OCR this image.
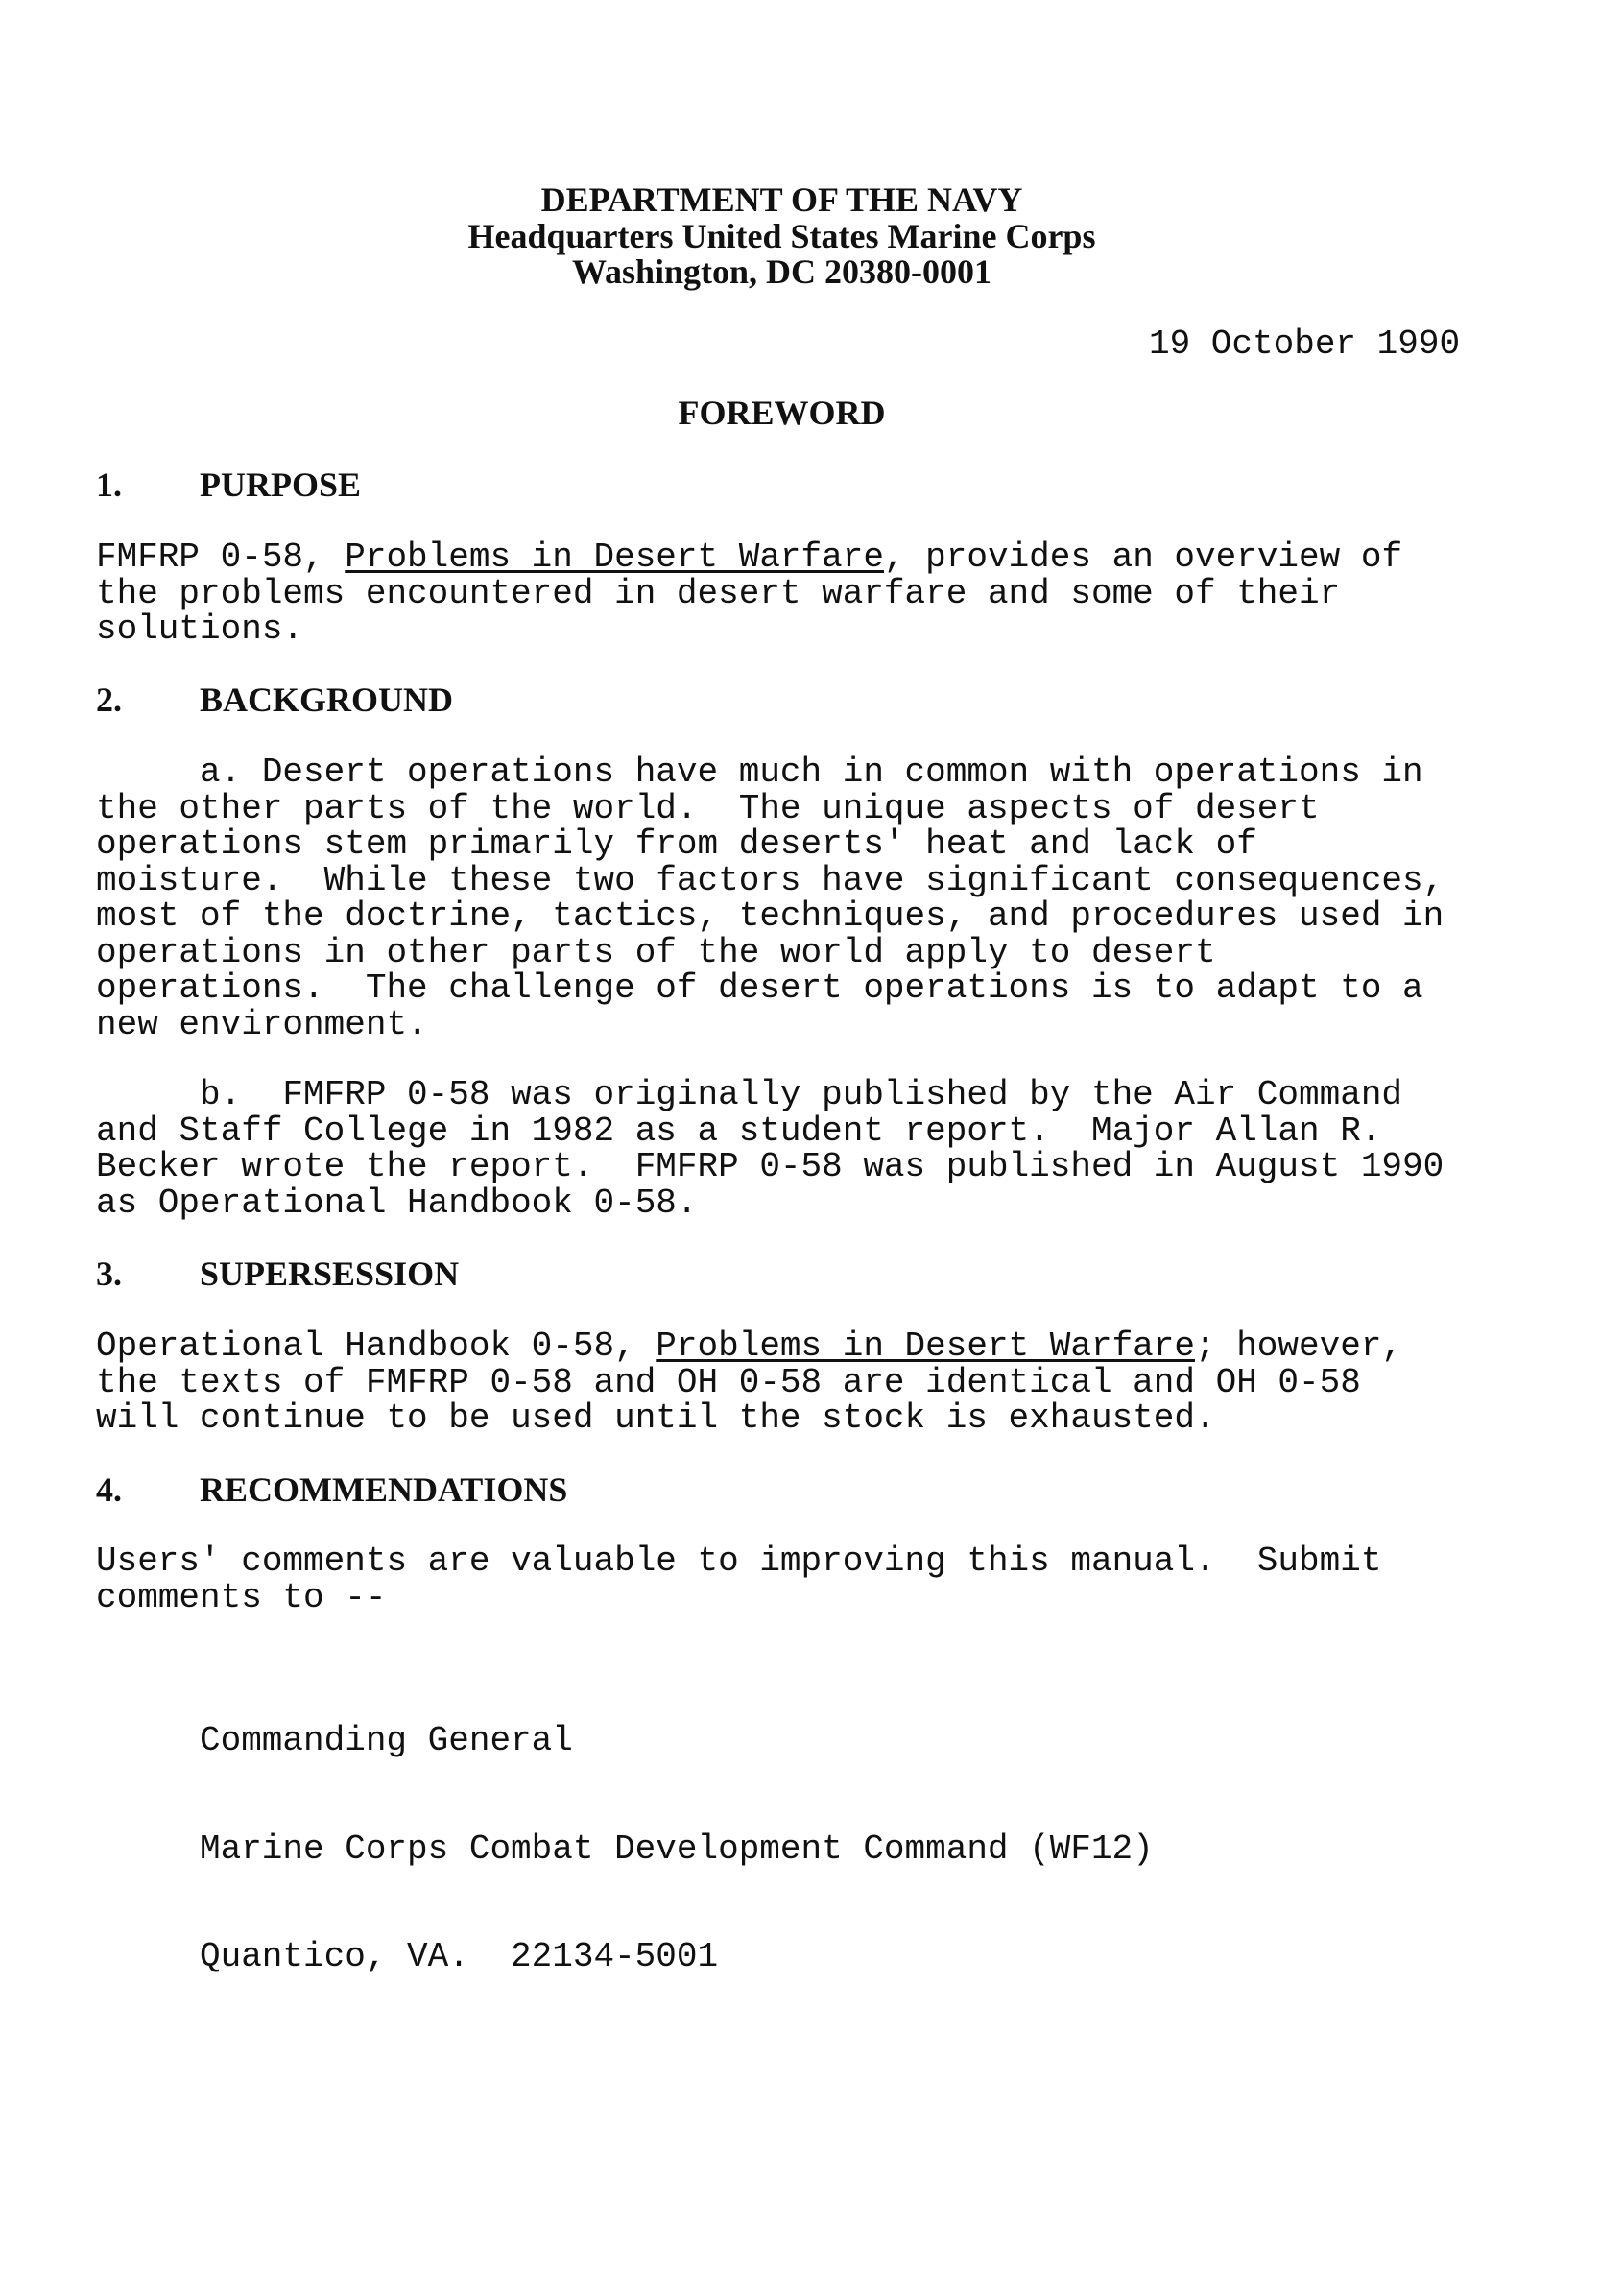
DEPARTMENT OF THE NAVY
Headquarters United States Marine Corps
Washington, DC 20380-0001
19 October 1990
FOREWORD
1. PURPOSE

FMFRP 0-58, Problems in Desert Warfare, provides an overview of
the problems encountered in desert warfare and some of their
solutions.

2. BACKGROUND

a. Desert operations have much in common with operations in
the other parts of the world.  The unique aspects of desert
operations stem primarily from deserts' heat and lack of
moisture.  While these two factors have significant consequences,
most of the doctrine, tactics, techniques, and procedures used in
operations in other parts of the world apply to desert
operations.  The challenge of desert operations is to adapt to a
new environment.

b.  FMFRP 0-58 was originally published by the Air Command
and Staff College in 1982 as a student report.  Major Allan R.
Becker wrote the report.  FMFRP 0-58 was published in August 1990
as Operational Handbook 0-58.

3. SUPERSESSION

Operational Handbook 0-58, Problems in Desert Warfare; however,
the texts of FMFRP 0-58 and OH 0-58 are identical and OH 0-58
will continue to be used until the stock is exhausted.

4. RECOMMENDATIONS

Users' comments are valuable to improving this manual.  Submit
comments to --

Commanding General

Marine Corps Combat Development Command (WF12)

Quantico, VA.  22134-5001
